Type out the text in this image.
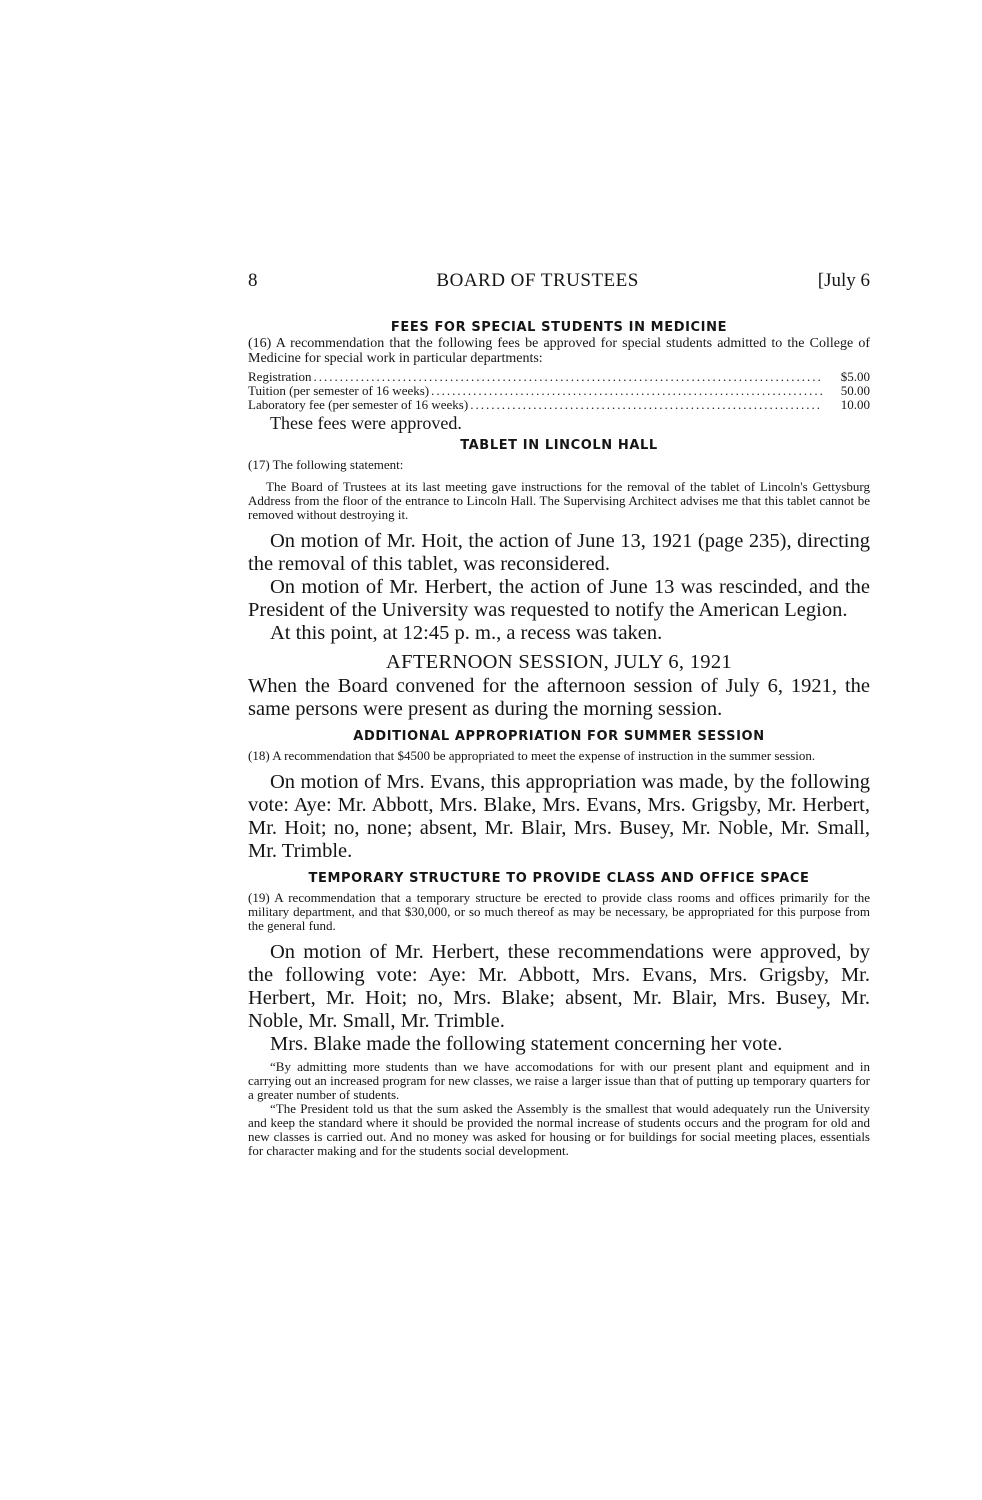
8	BOARD OF TRUSTEES	[July 6

FEES FOR SPECIAL STUDENTS IN MEDICINE

(16) A recommendation that the following fees be approved for special students admitted to the College of Medicine for special work in particular departments:

Registration .....	$5.00
Tuition (per semester of 16 weeks) .....	50.00
Laboratory fee (per semester of 16 weeks) .....	10.00

These fees were approved.

TABLET IN LINCOLN HALL

(17) The following statement:

The Board of Trustees at its last meeting gave instructions for the removal of the tablet of Lincoln's Gettysburg Address from the floor of the entrance to Lincoln Hall. The Supervising Architect advises me that this tablet cannot be removed without destroying it.

On motion of Mr. Hoit, the action of June 13, 1921 (page 235), directing the removal of this tablet, was reconsidered.

On motion of Mr. Herbert, the action of June 13 was rescinded, and the President of the University was requested to notify the American Legion.

At this point, at 12:45 p. m., a recess was taken.

AFTERNOON SESSION, JULY 6, 1921

When the Board convened for the afternoon session of July 6, 1921, the same persons were present as during the morning session.

ADDITIONAL APPROPRIATION FOR SUMMER SESSION

(18) A recommendation that $4500 be appropriated to meet the expense of instruction in the summer session.

On motion of Mrs. Evans, this appropriation was made, by the following vote: Aye: Mr. Abbott, Mrs. Blake, Mrs. Evans, Mrs. Grigsby, Mr. Herbert, Mr. Hoit; no, none; absent, Mr. Blair, Mrs. Busey, Mr. Noble, Mr. Small, Mr. Trimble.

TEMPORARY STRUCTURE TO PROVIDE CLASS AND OFFICE SPACE

(19) A recommendation that a temporary structure be erected to provide class rooms and offices primarily for the military department, and that $30,000, or so much thereof as may be necessary, be appropriated for this purpose from the general fund.

On motion of Mr. Herbert, these recommendations were approved, by the following vote: Aye: Mr. Abbott, Mrs. Evans, Mrs. Grigsby, Mr. Herbert, Mr. Hoit; no, Mrs. Blake; absent, Mr. Blair, Mrs. Busey, Mr. Noble, Mr. Small, Mr. Trimble.

Mrs. Blake made the following statement concerning her vote.

“By admitting more students than we have accomodations for with our present plant and equipment and in carrying out an increased program for new classes, we raise a larger issue than that of putting up temporary quarters for a greater number of students.

“The President told us that the sum asked the Assembly is the smallest that would adequately run the University and keep the standard where it should be provided the normal increase of students occurs and the program for old and new classes is carried out. And no money was asked for housing or for buildings for social meeting places, essentials for character making and for the students social development.
